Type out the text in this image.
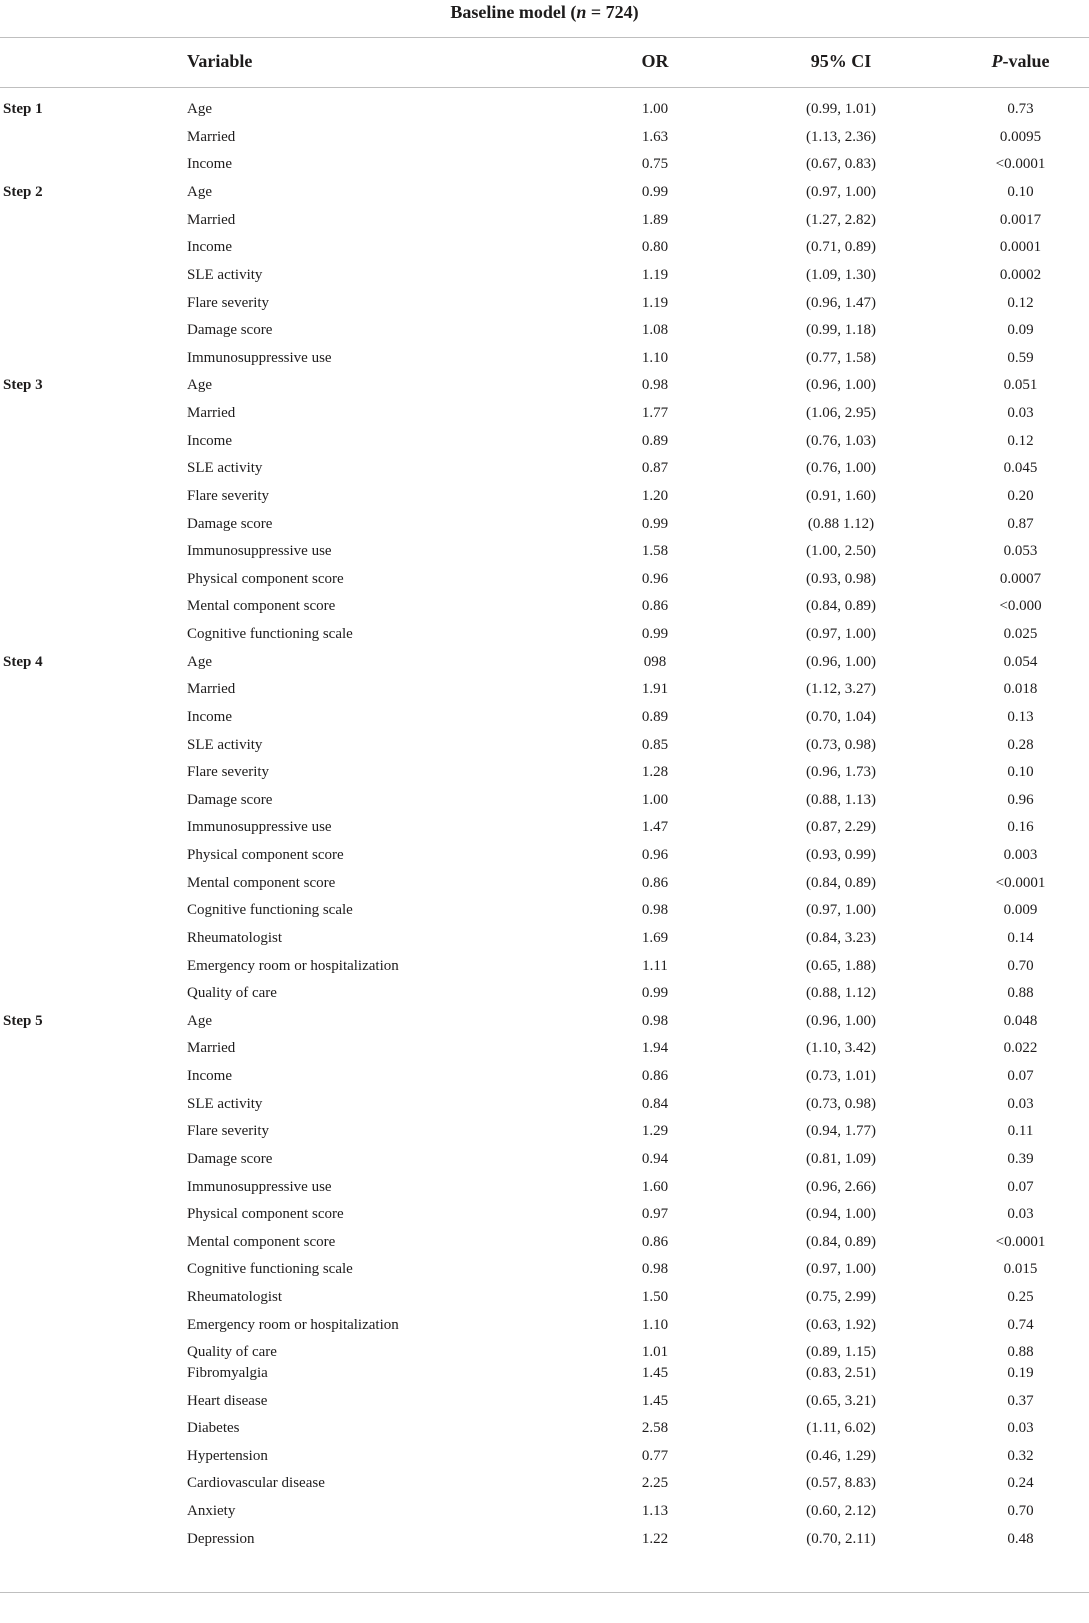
Baseline model (n = 724)
Variable	OR	95% CI	P-value
Step 1	Age	1.00	(0.99, 1.01)	0.73
Married	1.63	(1.13, 2.36)	0.0095
Income	0.75	(0.67, 0.83)	<0.0001
Step 2	Age	0.99	(0.97, 1.00)	0.10
Married	1.89	(1.27, 2.82)	0.0017
Income	0.80	(0.71, 0.89)	0.0001
SLE activity	1.19	(1.09, 1.30)	0.0002
Flare severity	1.19	(0.96, 1.47)	0.12
Damage score	1.08	(0.99, 1.18)	0.09
Immunosuppressive use	1.10	(0.77, 1.58)	0.59
Step 3	Age	0.98	(0.96, 1.00)	0.051
Married	1.77	(1.06, 2.95)	0.03
Income	0.89	(0.76, 1.03)	0.12
SLE activity	0.87	(0.76, 1.00)	0.045
Flare severity	1.20	(0.91, 1.60)	0.20
Damage score	0.99	(0.88 1.12)	0.87
Immunosuppressive use	1.58	(1.00, 2.50)	0.053
Physical component score	0.96	(0.93, 0.98)	0.0007
Mental component score	0.86	(0.84, 0.89)	<0.000
Cognitive functioning scale	0.99	(0.97, 1.00)	0.025
Step 4	Age	098	(0.96, 1.00)	0.054
Married	1.91	(1.12, 3.27)	0.018
Income	0.89	(0.70, 1.04)	0.13
SLE activity	0.85	(0.73, 0.98)	0.28
Flare severity	1.28	(0.96, 1.73)	0.10
Damage score	1.00	(0.88, 1.13)	0.96
Immunosuppressive use	1.47	(0.87, 2.29)	0.16
Physical component score	0.96	(0.93, 0.99)	0.003
Mental component score	0.86	(0.84, 0.89)	<0.0001
Cognitive functioning scale	0.98	(0.97, 1.00)	0.009
Rheumatologist	1.69	(0.84, 3.23)	0.14
Emergency room or hospitalization	1.11	(0.65, 1.88)	0.70
Quality of care	0.99	(0.88, 1.12)	0.88
Step 5	Age	0.98	(0.96, 1.00)	0.048
Married	1.94	(1.10, 3.42)	0.022
Income	0.86	(0.73, 1.01)	0.07
SLE activity	0.84	(0.73, 0.98)	0.03
Flare severity	1.29	(0.94, 1.77)	0.11
Damage score	0.94	(0.81, 1.09)	0.39
Immunosuppressive use	1.60	(0.96, 2.66)	0.07
Physical component score	0.97	(0.94, 1.00)	0.03
Mental component score	0.86	(0.84, 0.89)	<0.0001
Cognitive functioning scale	0.98	(0.97, 1.00)	0.015
Rheumatologist	1.50	(0.75, 2.99)	0.25
Emergency room or hospitalization	1.10	(0.63, 1.92)	0.74
Quality of care	1.01	(0.89, 1.15)	0.88
Fibromyalgia	1.45	(0.83, 2.51)	0.19
Heart disease	1.45	(0.65, 3.21)	0.37
Diabetes	2.58	(1.11, 6.02)	0.03
Hypertension	0.77	(0.46, 1.29)	0.32
Cardiovascular disease	2.25	(0.57, 8.83)	0.24
Anxiety	1.13	(0.60, 2.12)	0.70
Depression	1.22	(0.70, 2.11)	0.48
